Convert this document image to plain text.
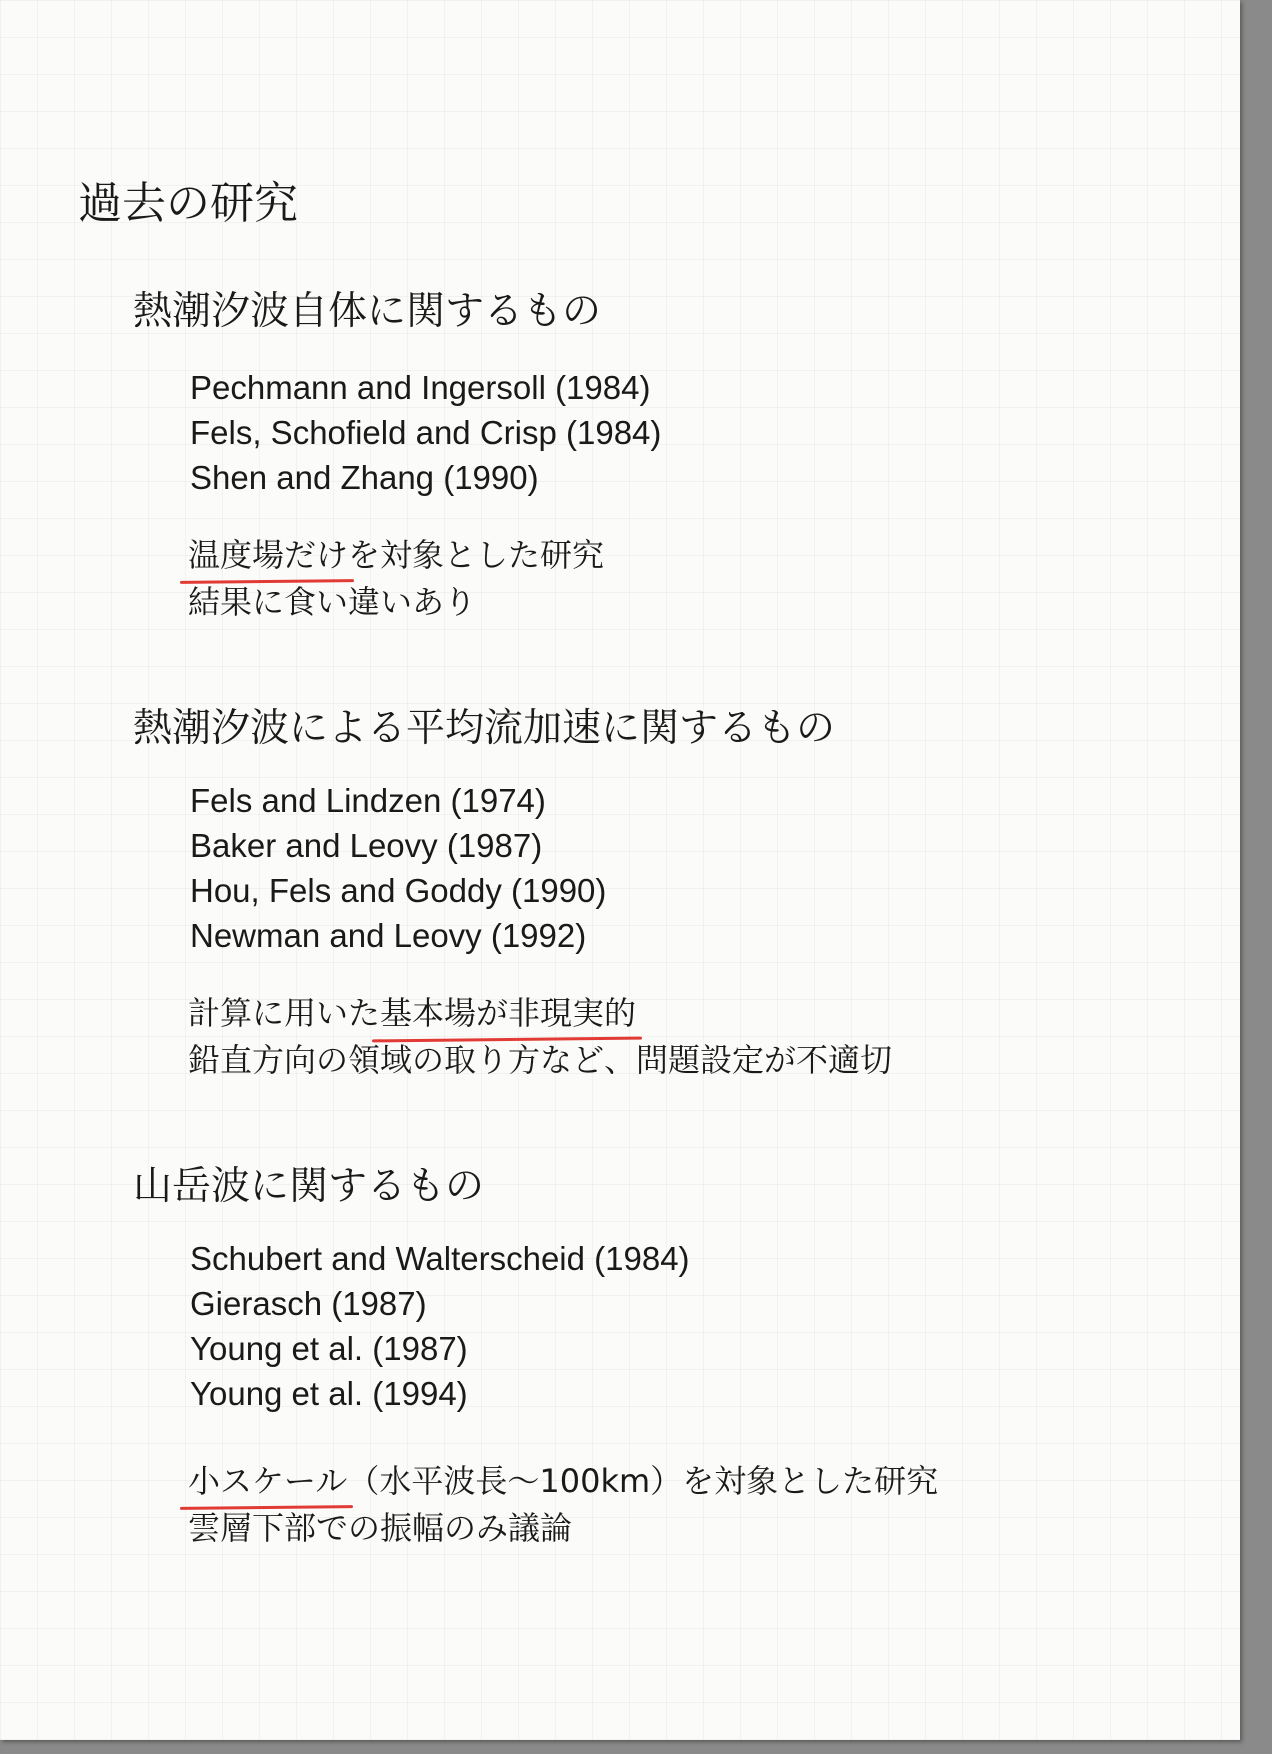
過去の研究
熱潮汐波自体に関するもの
Pechmann and Ingersoll (1984)
Fels, Schofield and Crisp (1984)
Shen and Zhang (1990)
温度場だけを対象とした研究
結果に食い違いあり
熱潮汐波による平均流加速に関するもの
Fels and Lindzen (1974)
Baker and Leovy (1987)
Hou, Fels and Goddy (1990)
Newman and Leovy (1992)
計算に用いた基本場が非現実的
鉛直方向の領域の取り方など、問題設定が不適切
山岳波に関するもの
Schubert and Walterscheid (1984)
Gierasch (1987)
Young et al. (1987)
Young et al. (1994)
小スケール（水平波長〜100km）を対象とした研究
雲層下部での振幅のみ議論
